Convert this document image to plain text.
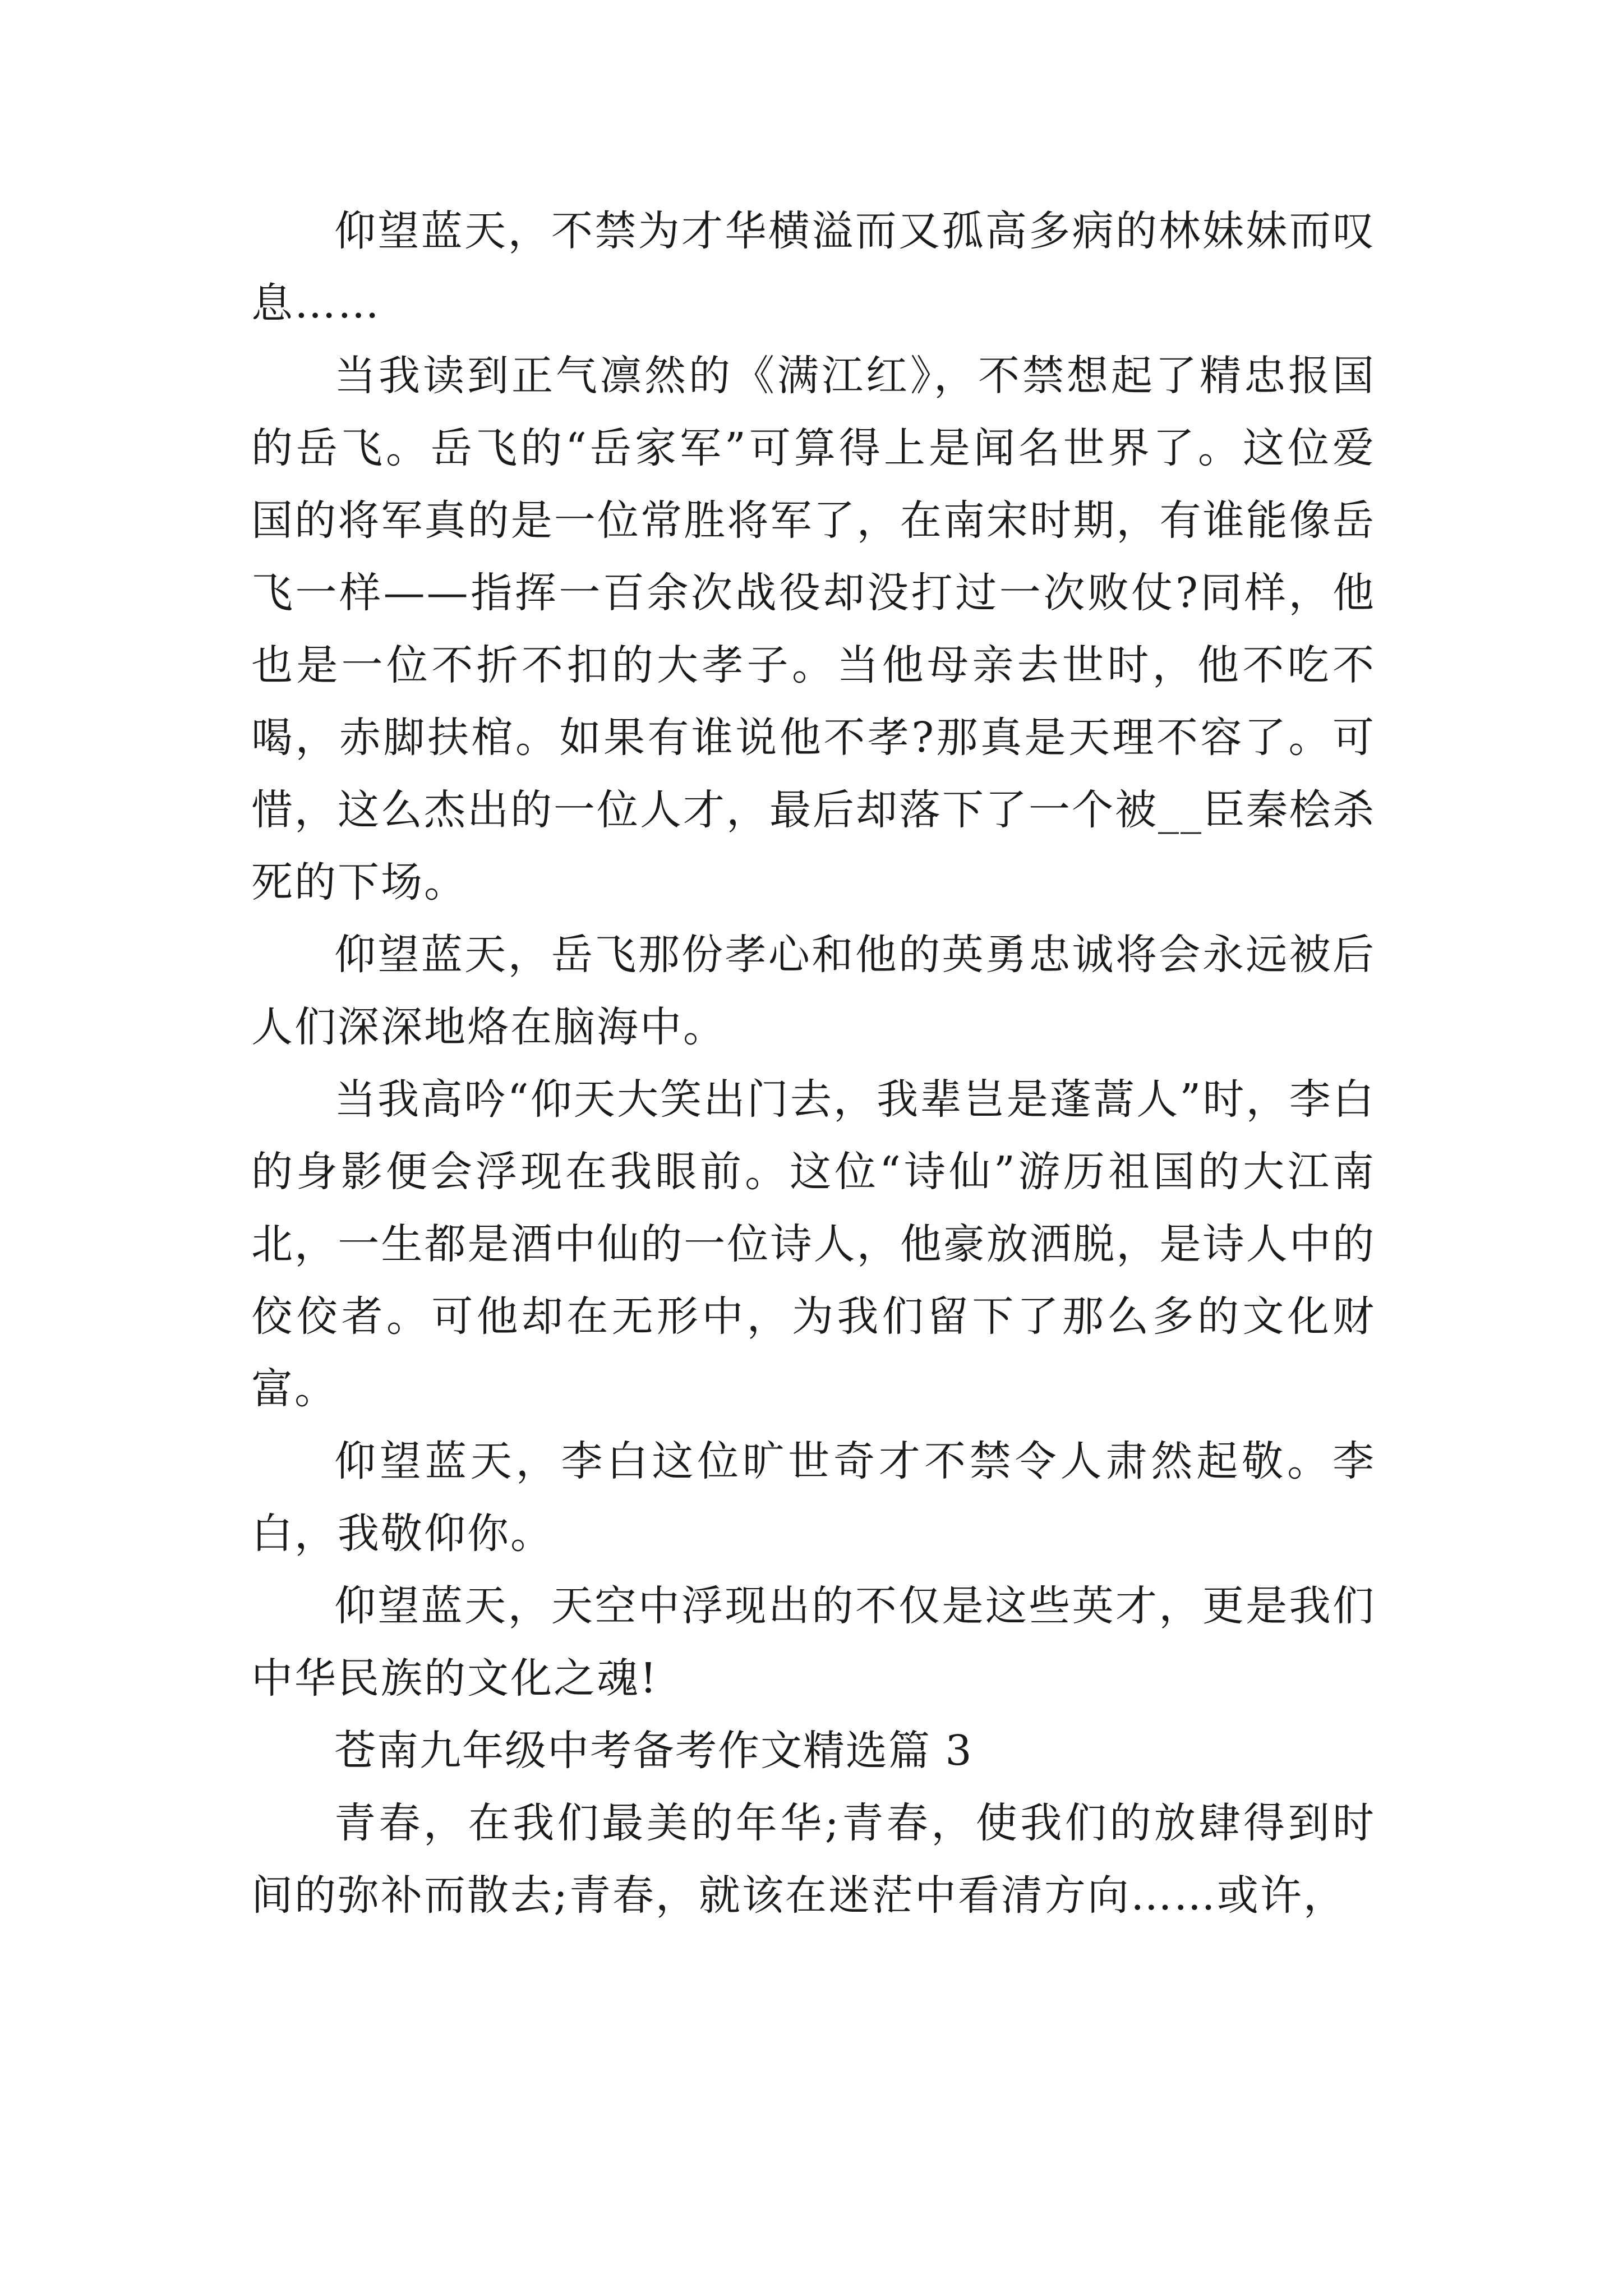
仰望蓝天，不禁为才华横溢而又孤高多病的林妹妹而叹息……

当我读到正气凛然的《满江红》，不禁想起了精忠报国的岳飞。岳飞的“岳家军”可算得上是闻名世界了。这位爱国的将军真的是一位常胜将军了，在南宋时期，有谁能像岳飞一样——指挥一百余次战役却没打过一次败仗?同样，他也是一位不折不扣的大孝子。当他母亲去世时，他不吃不喝，赤脚扶棺。如果有谁说他不孝?那真是天理不容了。可惜，这么杰出的一位人才，最后却落下了一个被__臣秦桧杀死的下场。

仰望蓝天，岳飞那份孝心和他的英勇忠诚将会永远被后人们深深地烙在脑海中。

当我高吟“仰天大笑出门去，我辈岂是蓬蒿人”时，李白的身影便会浮现在我眼前。这位“诗仙”游历祖国的大江南北，一生都是酒中仙的一位诗人，他豪放洒脱，是诗人中的佼佼者。可他却在无形中，为我们留下了那么多的文化财富。

仰望蓝天，李白这位旷世奇才不禁令人肃然起敬。李白，我敬仰你。

仰望蓝天，天空中浮现出的不仅是这些英才，更是我们中华民族的文化之魂!

苍南九年级中考备考作文精选篇 3

青春，在我们最美的年华;青春，使我们的放肆得到时间的弥补而散去;青春，就该在迷茫中看清方向……或许，
